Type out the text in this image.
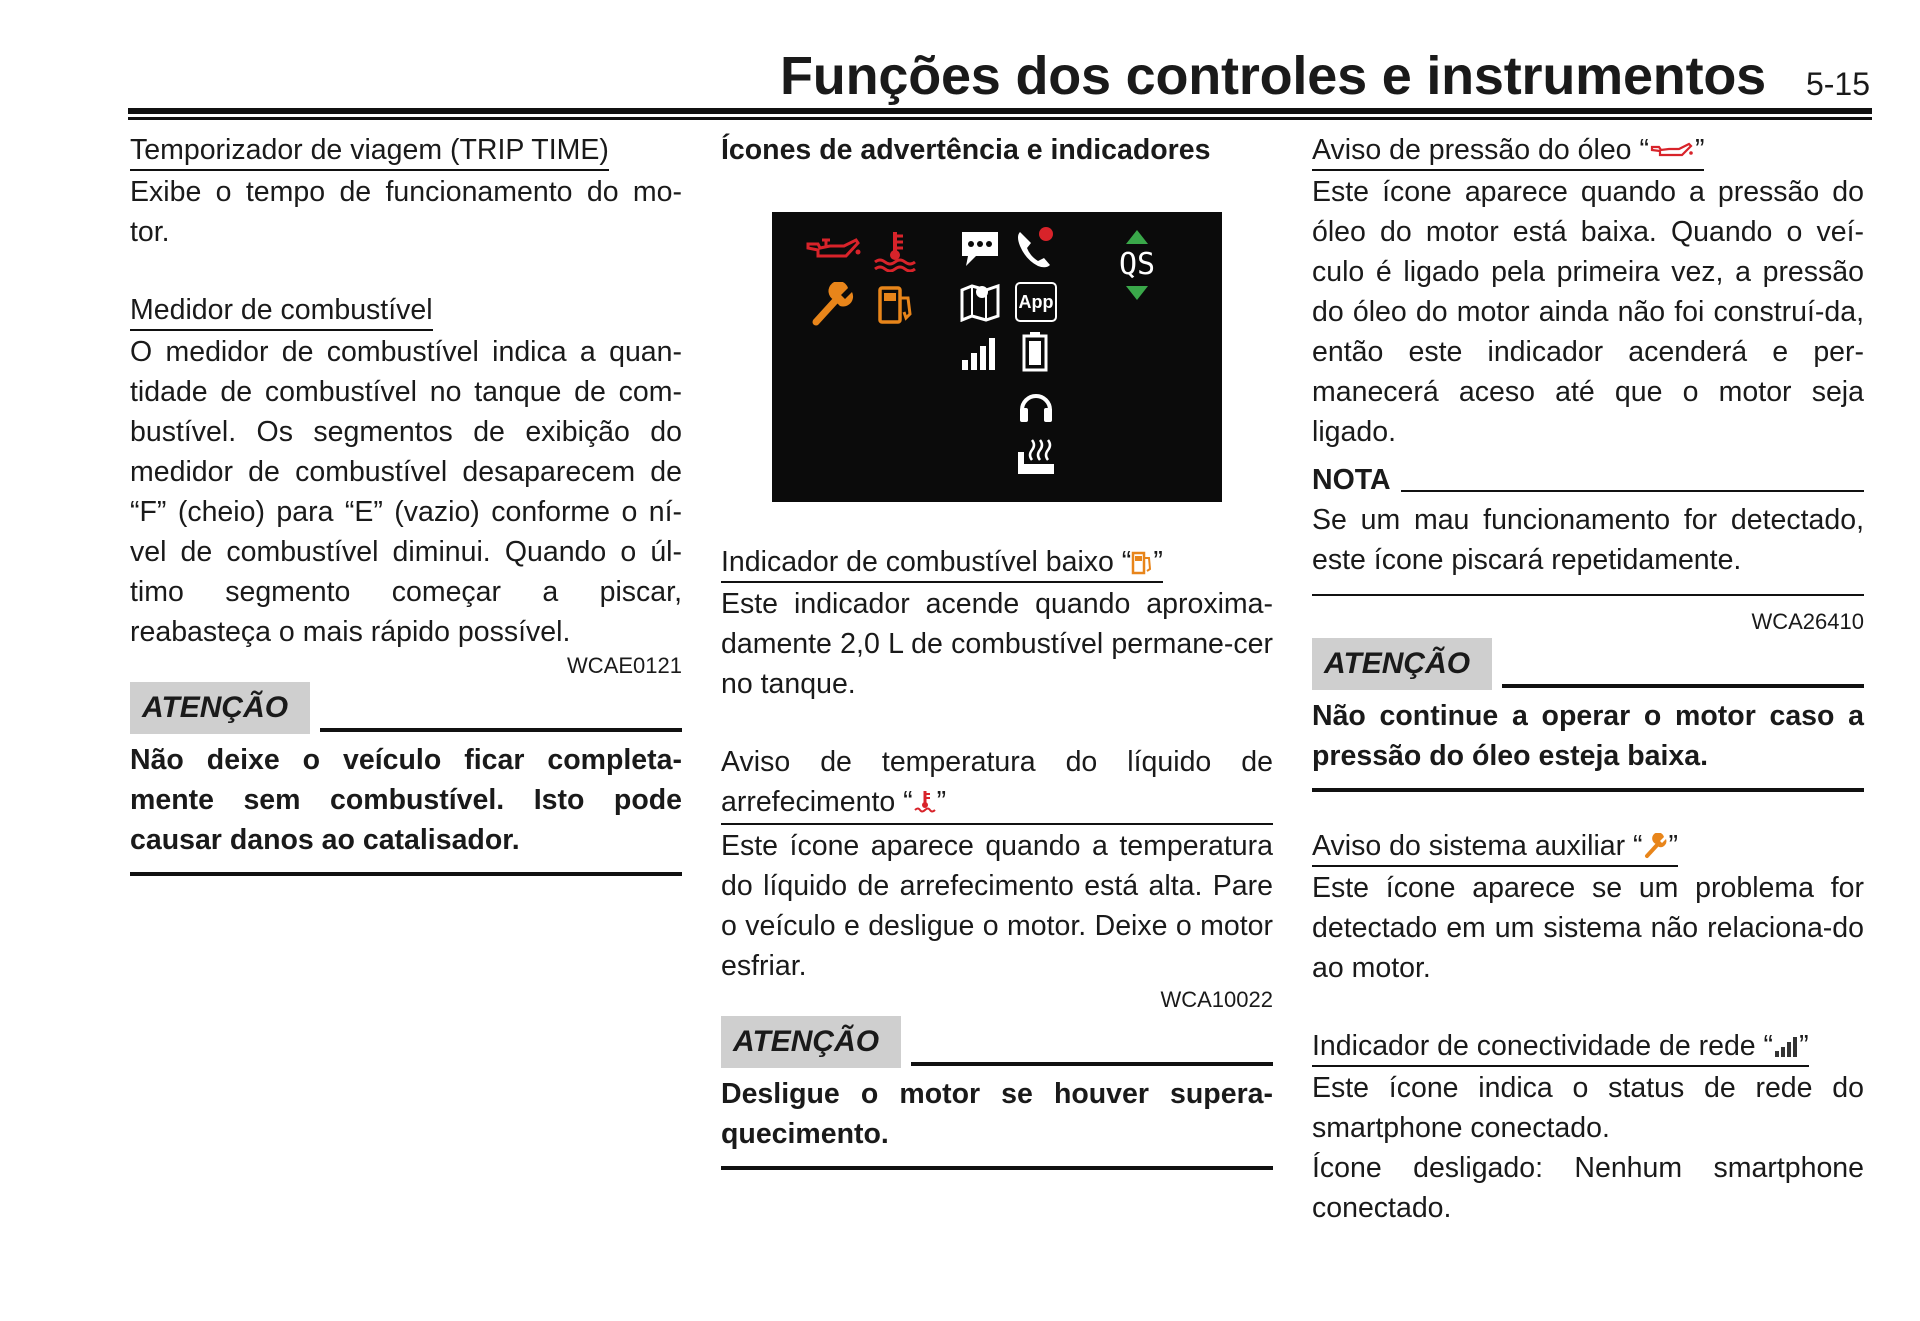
Funções dos controles e instrumentos	5-15
Temporizador de viagem (TRIP TIME)
Exibe o tempo de funcionamento do mo-tor.
Medidor de combustível
O medidor de combustível indica a quan-tidade de combustível no tanque de com-bustível. Os segmentos de exibição do medidor de combustível desaparecem de “F” (cheio) para “E” (vazio) conforme o ní-vel de combustível diminui. Quando o úl-timo segmento começar a piscar, reabasteça o mais rápido possível.
WCAE0121
ATENÇÃO
Não deixe o veículo ficar completa-mente sem combustível. Isto pode causar danos ao catalisador.
Ícones de advertência e indicadores
App
QS
Indicador de combustível baixo “ ”
Este indicador acende quando aproxima-damente 2,0 L de combustível permane-cer no tanque.
Aviso de temperatura do líquido de arrefecimento “ ”
Este ícone aparece quando a temperatura do líquido de arrefecimento está alta. Pare o veículo e desligue o motor. Deixe o motor esfriar.
WCA10022
ATENÇÃO
Desligue o motor se houver supera-quecimento.
Aviso de pressão do óleo “ ”
Este ícone aparece quando a pressão do óleo do motor está baixa. Quando o veí-culo é ligado pela primeira vez, a pressão do óleo do motor ainda não foi construí-da, então este indicador acenderá e per-manecerá aceso até que o motor seja ligado.
NOTA
Se um mau funcionamento for detectado, este ícone piscará repetidamente.
WCA26410
ATENÇÃO
Não continue a operar o motor caso a pressão do óleo esteja baixa.
Aviso do sistema auxiliar “ ”
Este ícone aparece se um problema for detectado em um sistema não relaciona-do ao motor.
Indicador de conectividade de rede “ ”
Este ícone indica o status de rede do smartphone conectado.
Ícone desligado: Nenhum smartphone conectado.
